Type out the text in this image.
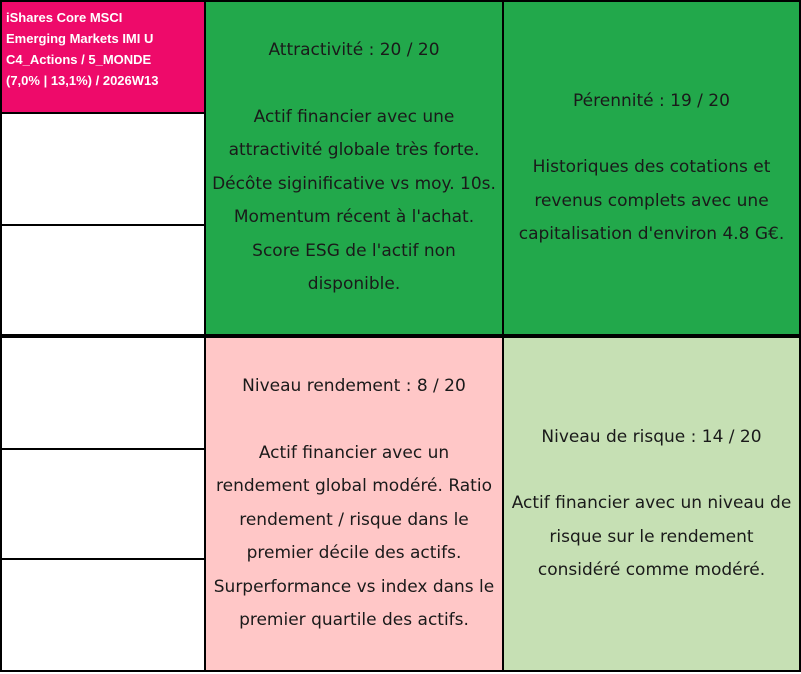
iShares Core MSCI
Emerging Markets IMI U
C4_Actions / 5_MONDE
(7,0% | 13,1%) / 2026W13
Attractivité : 20 / 20
Actif financier avec une
attractivité globale très forte.
Décôte siginificative vs moy. 10s.
Momentum récent à l'achat.
Score ESG de l'actif non
disponible.
Pérennité : 19 / 20
Historiques des cotations et
revenus complets avec une
capitalisation d'environ 4.8 G€.
Niveau rendement : 8 / 20
Actif financier avec un
rendement global modéré. Ratio
rendement / risque dans le
premier décile des actifs.
Surperformance vs index dans le
premier quartile des actifs.
Niveau de risque : 14 / 20
Actif financier avec un niveau de
risque sur le rendement
considéré comme modéré.
